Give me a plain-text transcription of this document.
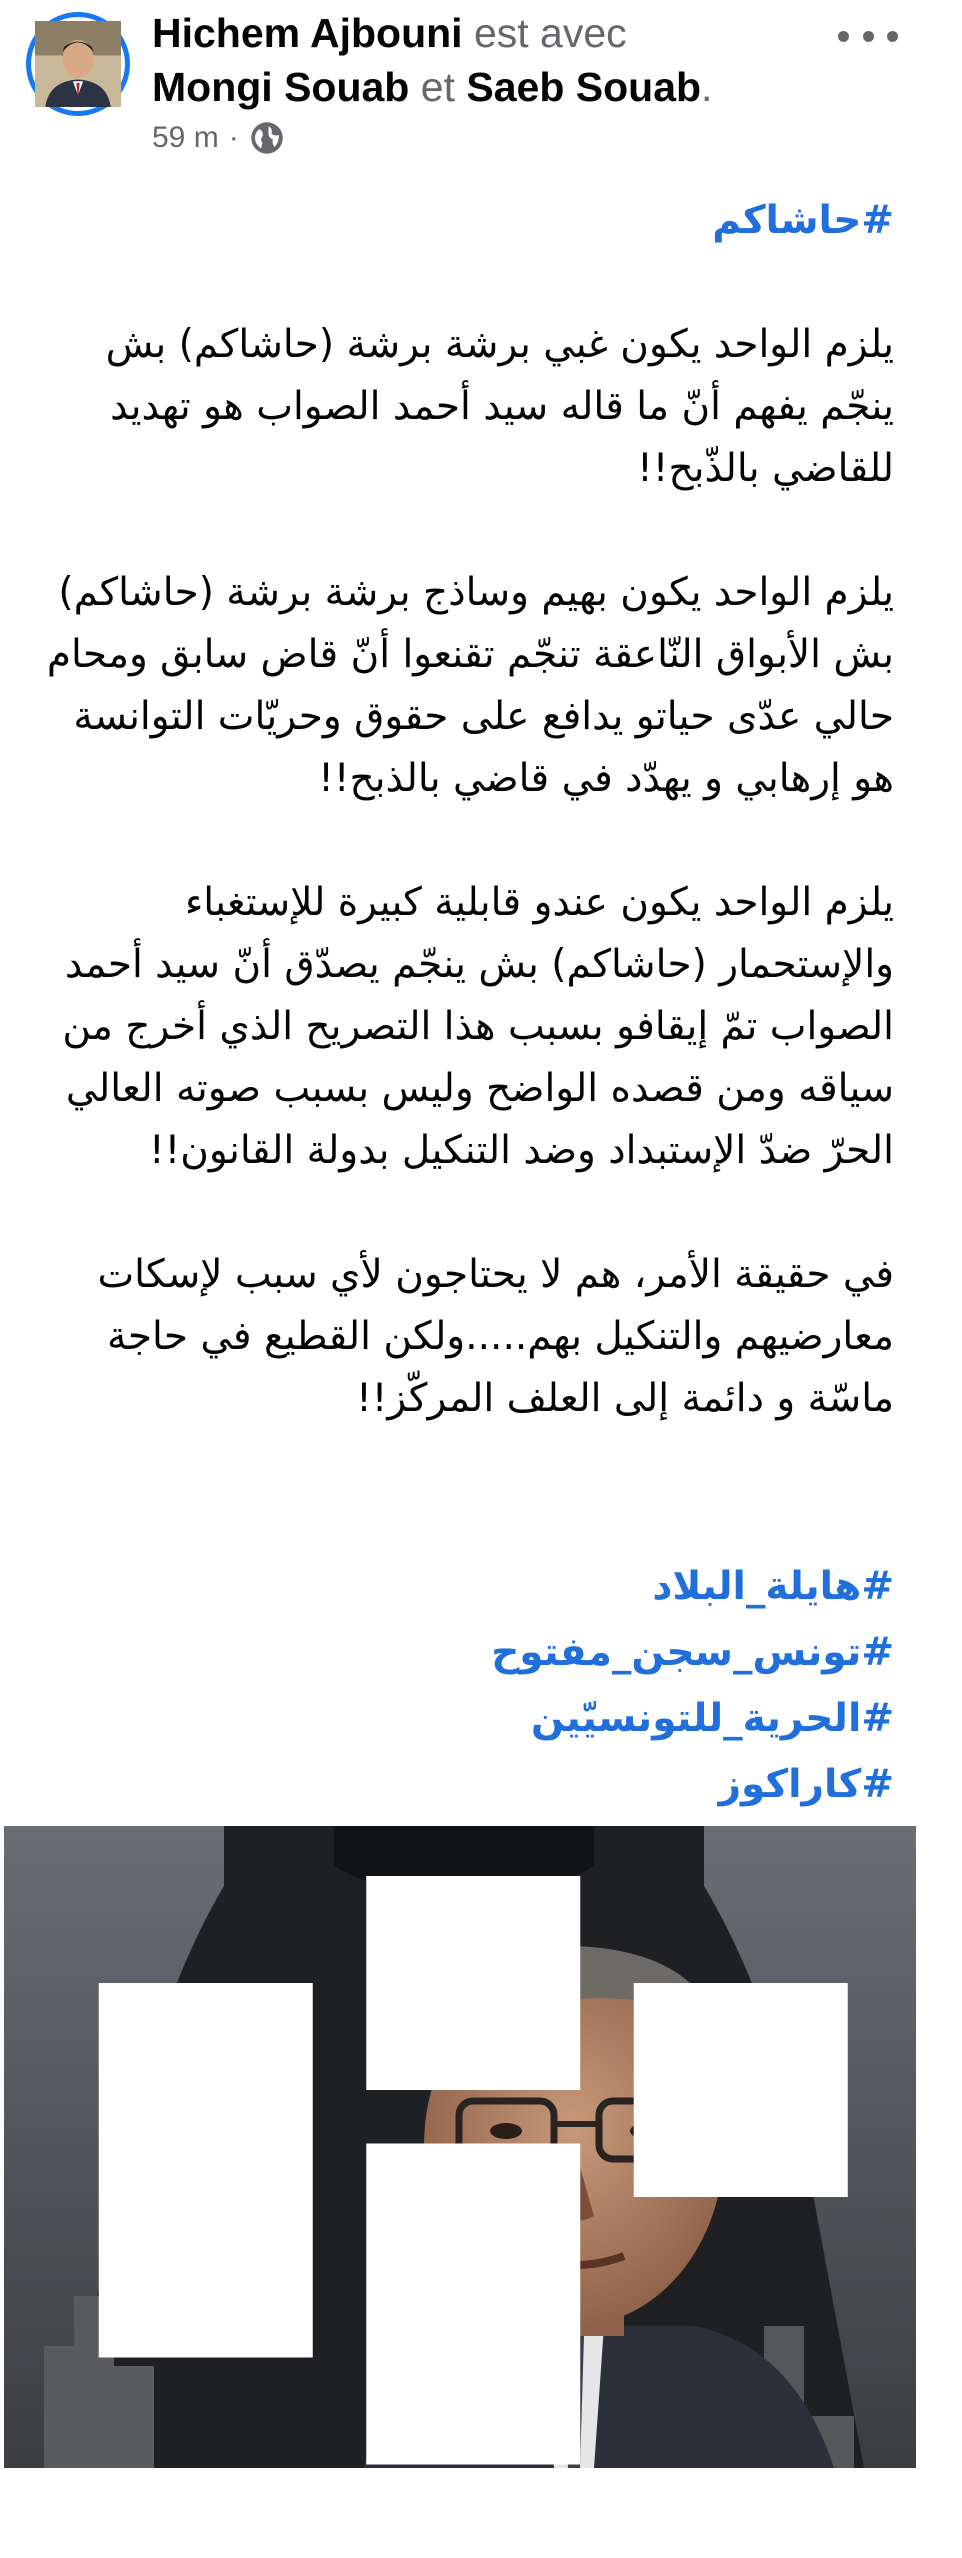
Hichem Ajbouni est avec
Mongi Souab et Saeb Souab.
59 m ·
#حاشاكم

يلزم الواحد يكون غبي برشة برشة (حاشاكم) بش ينجّم يفهم أنّ ما قاله سيد أحمد الصواب هو تهديد للقاضي بالذّبح!!

يلزم الواحد يكون بهيم وساذج برشة برشة (حاشاكم) بش الأبواق النّاعقة تنجّم تقنعوا أنّ قاض سابق ومحام حالي عدّى حياتو يدافع على حقوق وحريّات التوانسة هو إرهابي و يهدّد في قاضي بالذبح!!

يلزم الواحد يكون عندو قابلية كبيرة للإستغباء والإستحمار (حاشاكم) بش ينجّم يصدّق أنّ سيد أحمد الصواب تمّ إيقافو بسبب هذا التصريح الذي أخرج من سياقه ومن قصده الواضح وليس بسبب صوته العالي الحرّ ضدّ الإستبداد وضد التنكيل بدولة القانون!!

في حقيقة الأمر، هم لا يحتاجون لأي سبب لإسكات معارضيهم والتنكيل بهم.....ولكن القطيع في حاجة ماسّة و دائمة إلى العلف المركّز!!

#هايلة_البلاد
#تونس_سجن_مفتوح
#الحرية_للتونسيّين
#كاراكوز
INTERSECTION
ASSOCIATION
